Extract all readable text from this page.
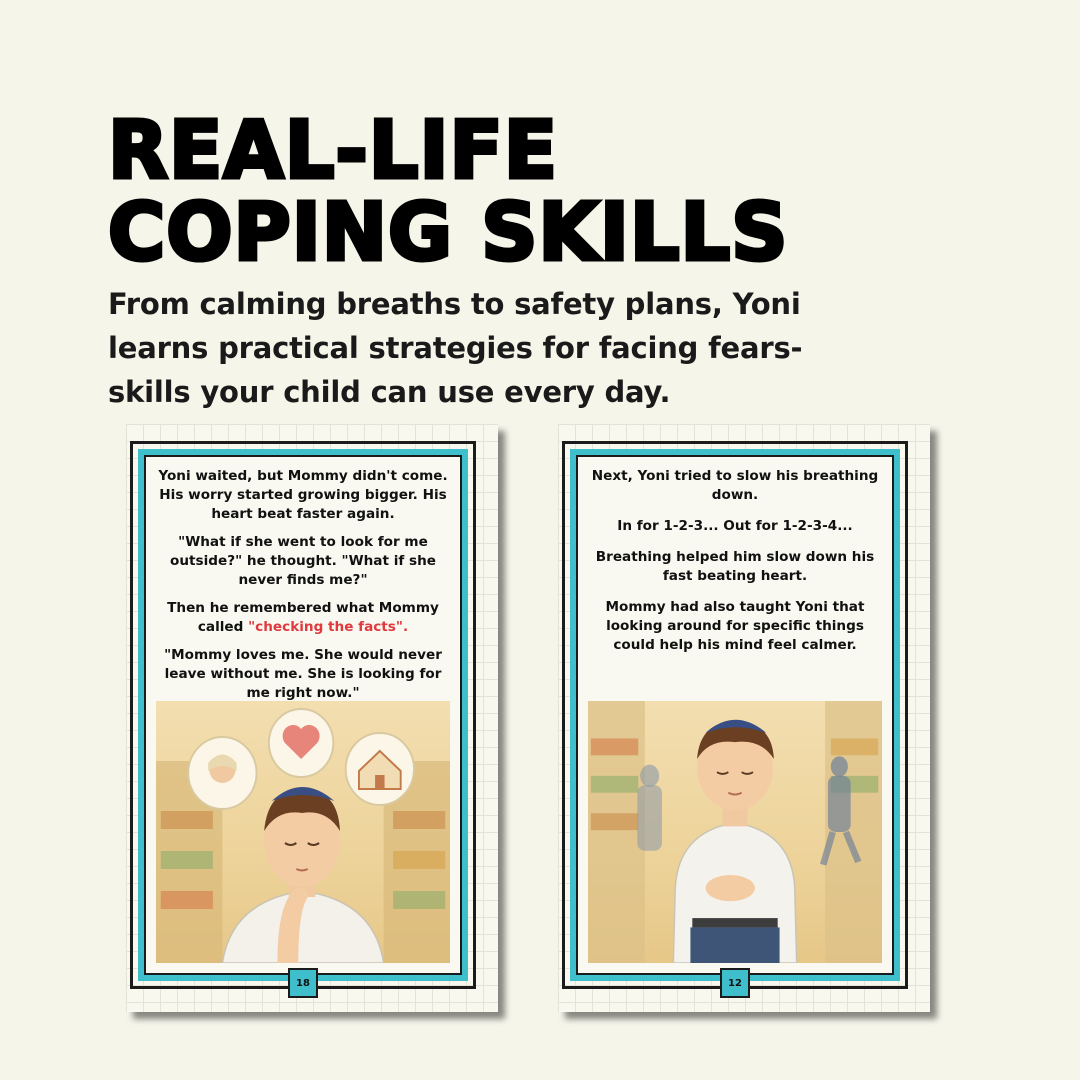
REAL-LIFE
COPING SKILLS

From calming breaths to safety plans, Yoni learns practical strategies for facing fears- skills your child can use every day.

Yoni waited, but Mommy didn't come. His worry started growing bigger. His heart beat faster again.

"What if she went to look for me outside?" he thought. "What if she never finds me?"

Then he remembered what Mommy called "checking the facts".

"Mommy loves me. She would never leave without me. She is looking for me right now."

18

Next, Yoni tried to slow his breathing down.

In for 1-2-3... Out for 1-2-3-4...

Breathing helped him slow down his fast beating heart.

Mommy had also taught Yoni that looking around for specific things could help his mind feel calmer.

12
